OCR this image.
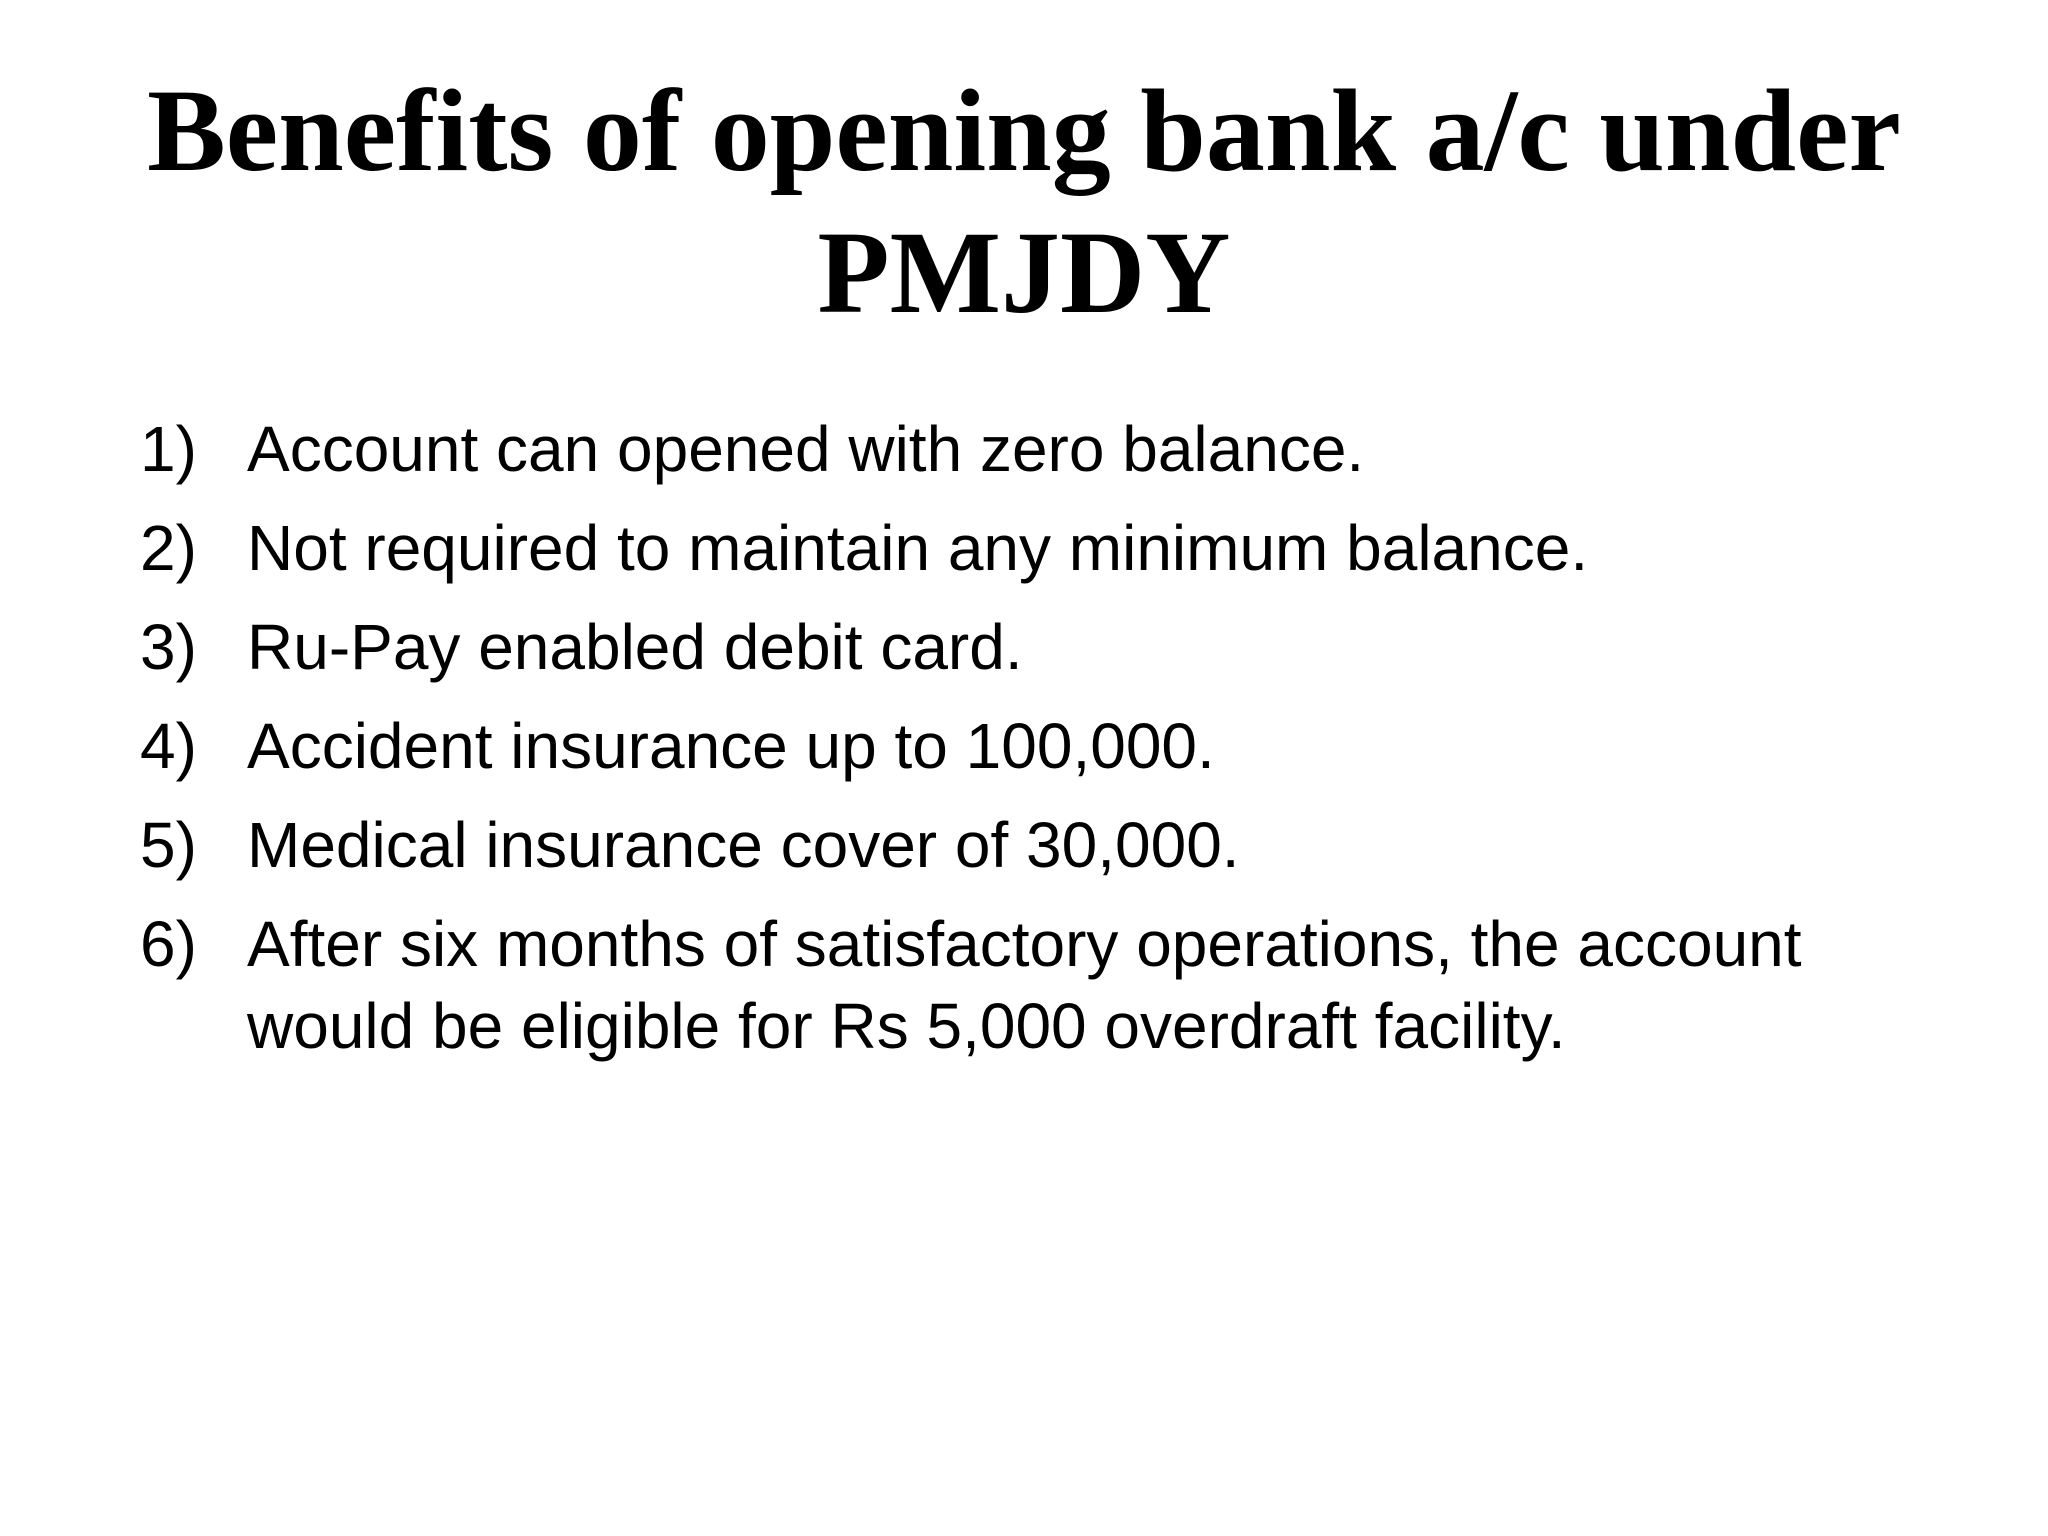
Benefits of opening bank a/c under
PMJDY
1) Account can opened with zero balance.
2) Not required to maintain any minimum balance.
3) Ru-Pay enabled debit card.
4) Accident insurance up to 100,000.
5) Medical insurance cover of 30,000.
6) After six months of satisfactory operations, the account would be eligible for Rs 5,000 overdraft facility.
